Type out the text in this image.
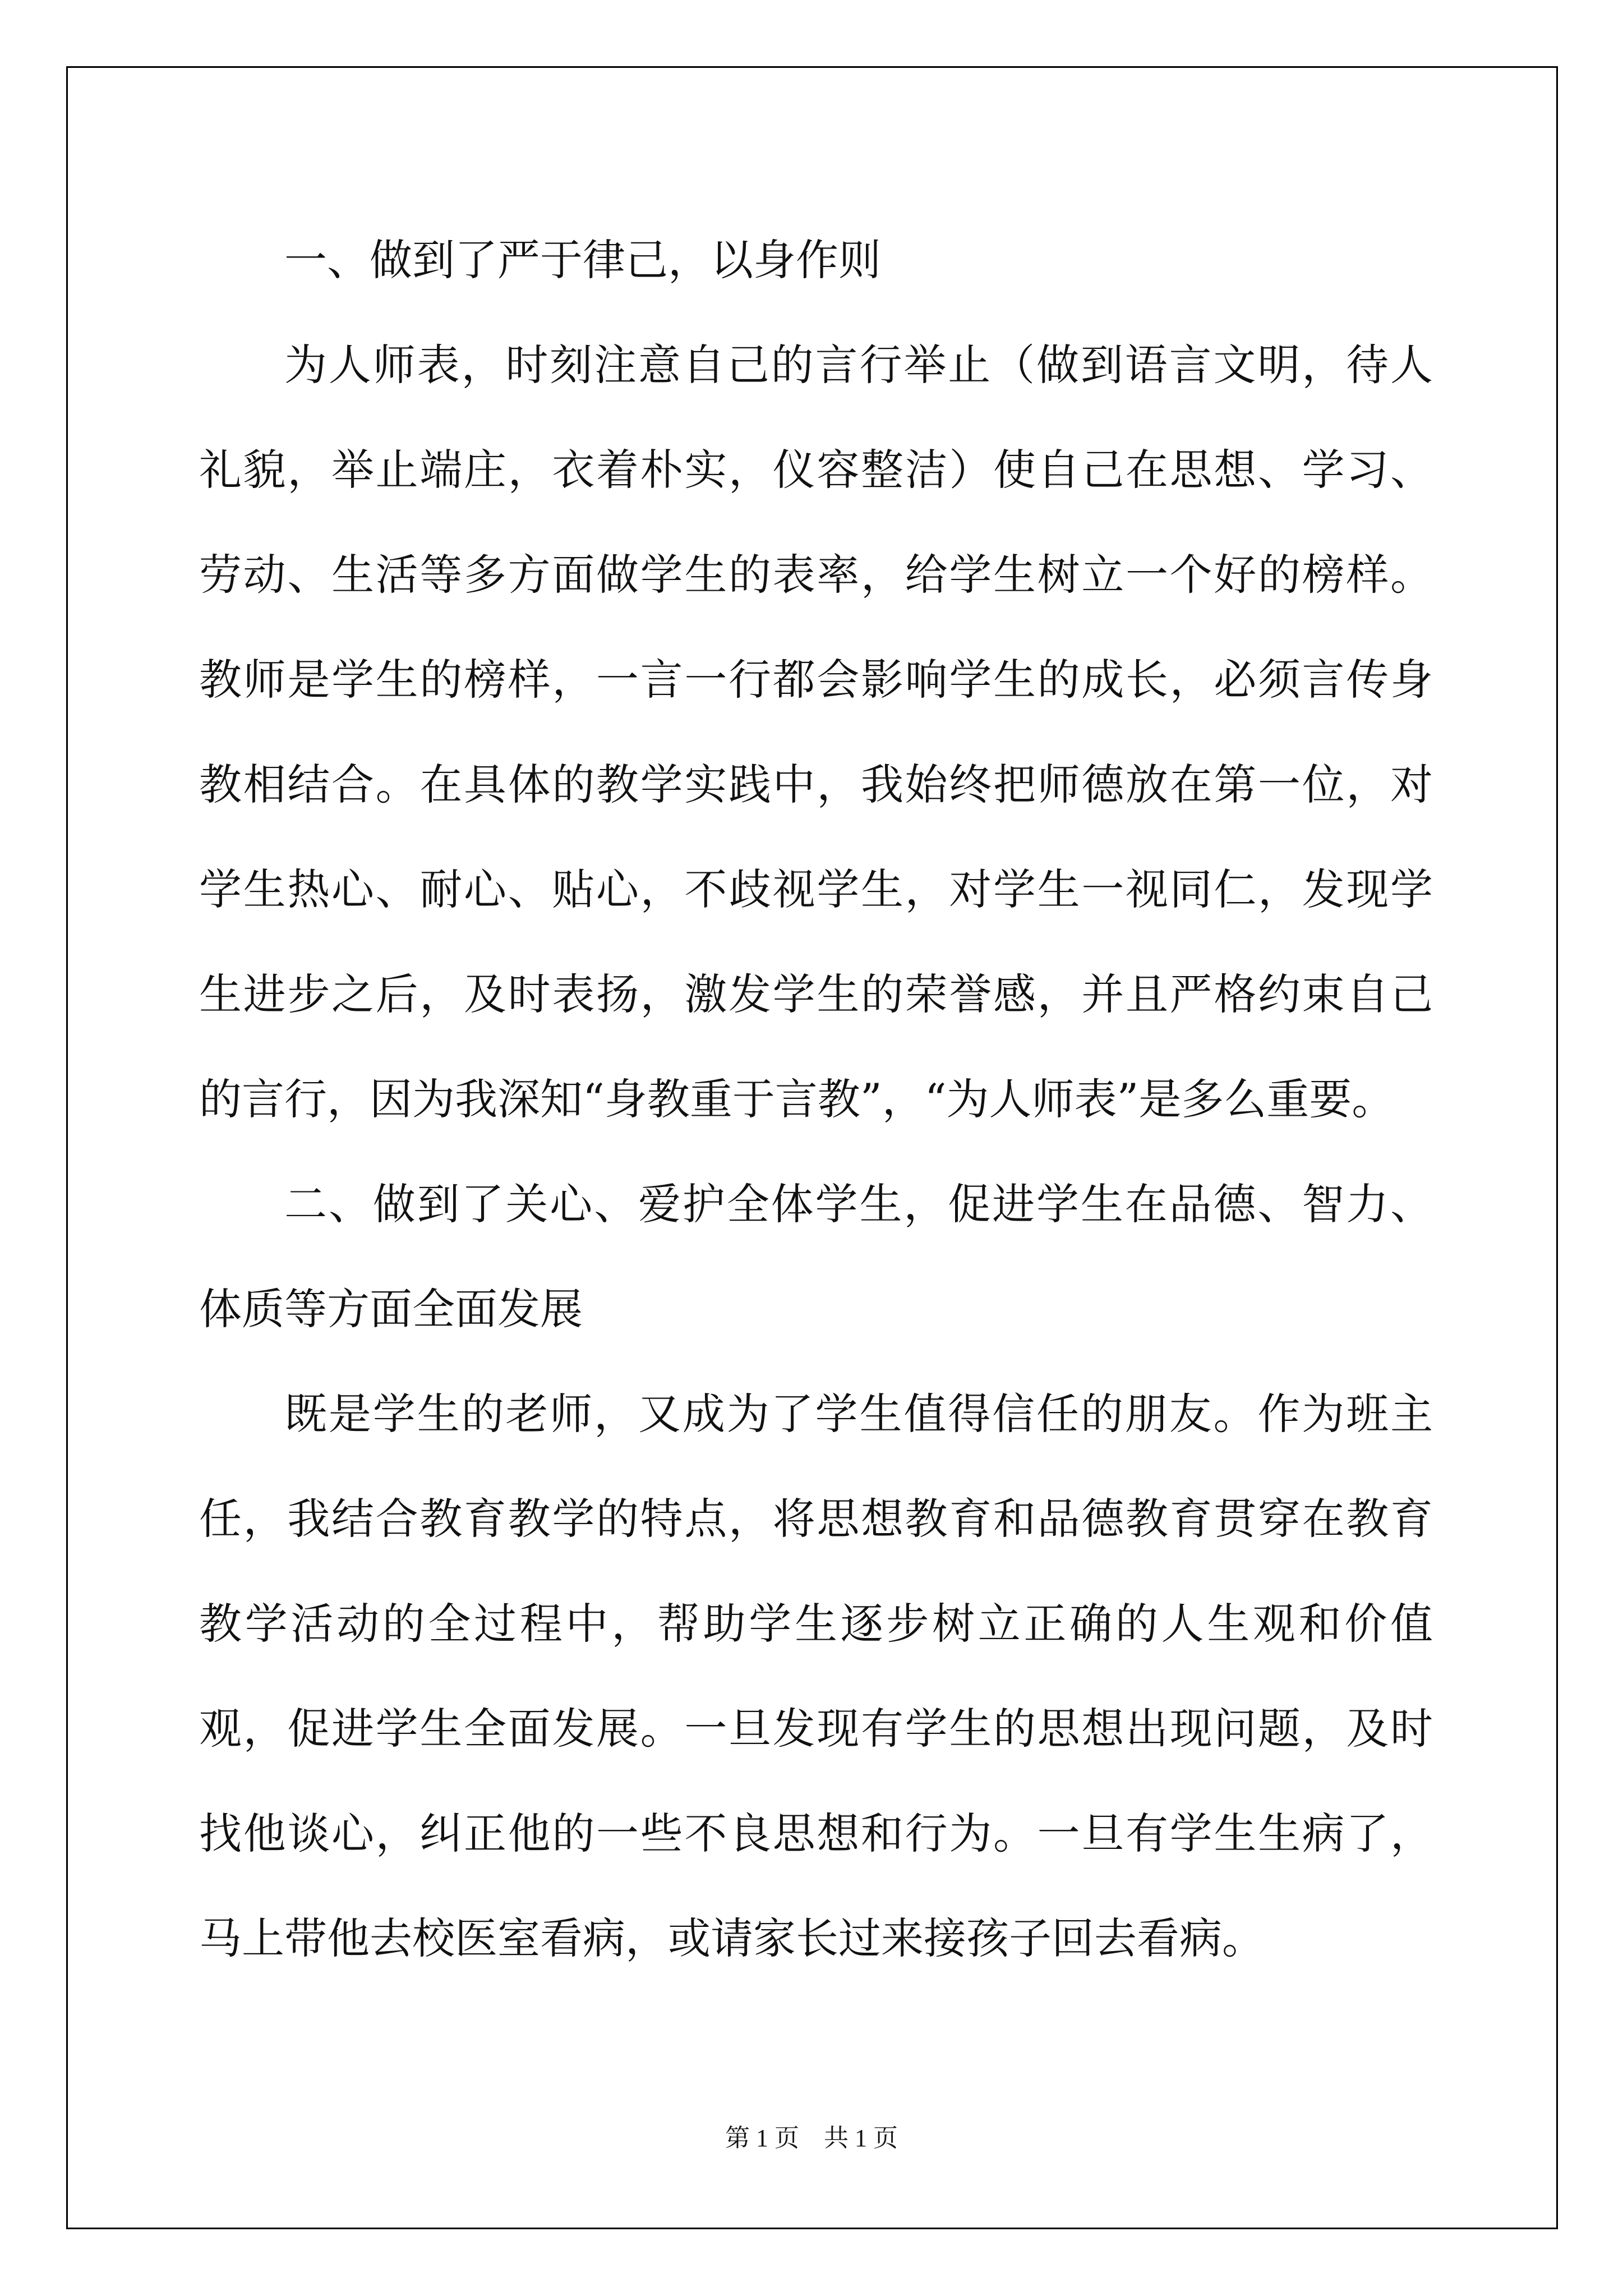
一、做到了严于律己，以身作则

为人师表，时刻注意自己的言行举止（做到语言文明，待人礼貌，举止端庄，衣着朴实，仪容整洁）使自己在思想、学习、劳动、生活等多方面做学生的表率，给学生树立一个好的榜样。教师是学生的榜样，一言一行都会影响学生的成长，必须言传身教相结合。在具体的教学实践中，我始终把师德放在第一位，对学生热心、耐心、贴心，不歧视学生，对学生一视同仁，发现学生进步之后，及时表扬，激发学生的荣誉感，并且严格约束自己的言行，因为我深知“身教重于言教”，“为人师表”是多么重要。

二、做到了关心、爱护全体学生，促进学生在品德、智力、体质等方面全面发展

既是学生的老师，又成为了学生值得信任的朋友。作为班主任，我结合教育教学的特点，将思想教育和品德教育贯穿在教育教学活动的全过程中，帮助学生逐步树立正确的人生观和价值观，促进学生全面发展。一旦发现有学生的思想出现问题，及时找他谈心，纠正他的一些不良思想和行为。一旦有学生生病了，马上带他去校医室看病，或请家长过来接孩子回去看病。

第 1 页    共 1 页
